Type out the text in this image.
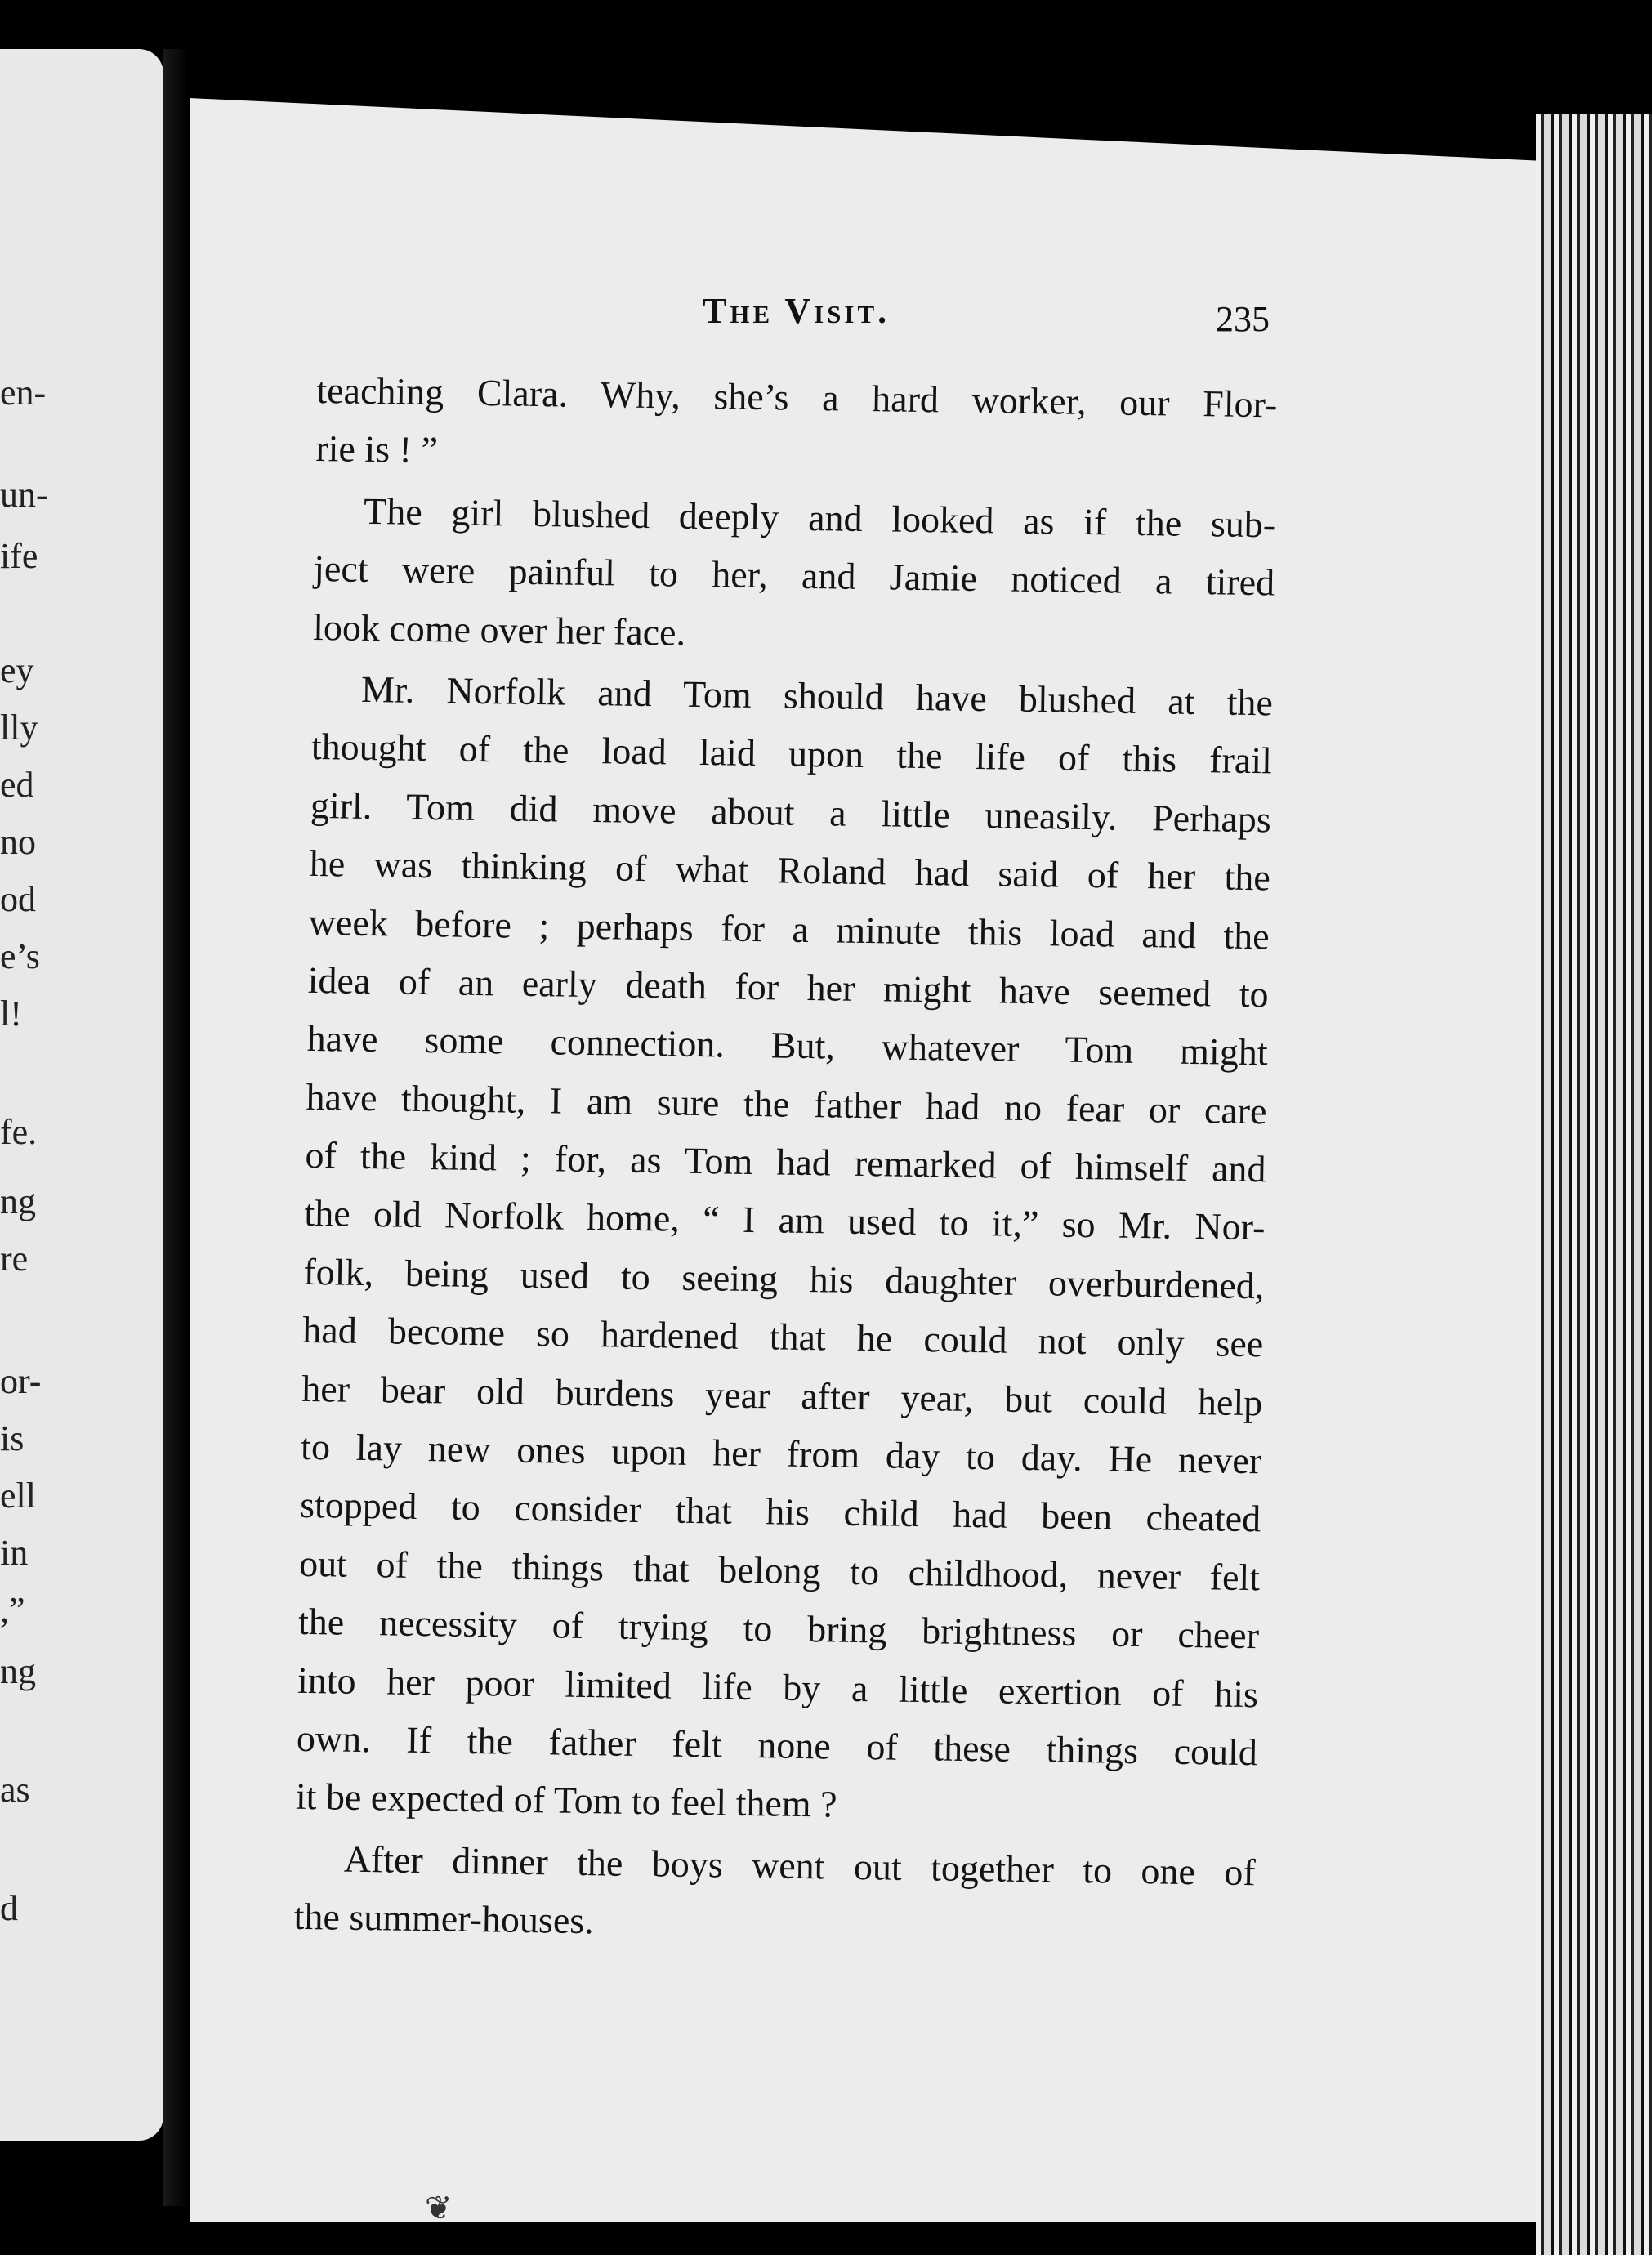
en-
un-
ife
ey
lly
ed
no
od
e’s
l!
fe.
ng
re
or-
is
ell
in
,”
ng
as
d
The Visit.	235
teaching Clara. Why, she’s a hard worker, our Flor-
rie is ! ”
The girl blushed deeply and looked as if the sub-
ject were painful to her, and Jamie noticed a tired
look come over her face.
Mr. Norfolk and Tom should have blushed at the
thought of the load laid upon the life of this frail
girl. Tom did move about a little uneasily. Perhaps
he was thinking of what Roland had said of her the
week before ; perhaps for a minute this load and the
idea of an early death for her might have seemed to
have some connection. But, whatever Tom might
have thought, I am sure the father had no fear or care
of the kind ; for, as Tom had remarked of himself and
the old Norfolk home, “ I am used to it,” so Mr. Nor-
folk, being used to seeing his daughter overburdened,
had become so hardened that he could not only see
her bear old burdens year after year, but could help
to lay new ones upon her from day to day. He never
stopped to consider that his child had been cheated
out of the things that belong to childhood, never felt
the necessity of trying to bring brightness or cheer
into her poor limited life by a little exertion of his
own. If the father felt none of these things could
it be expected of Tom to feel them ?
After dinner the boys went out together to one of
the summer-houses.
❦
